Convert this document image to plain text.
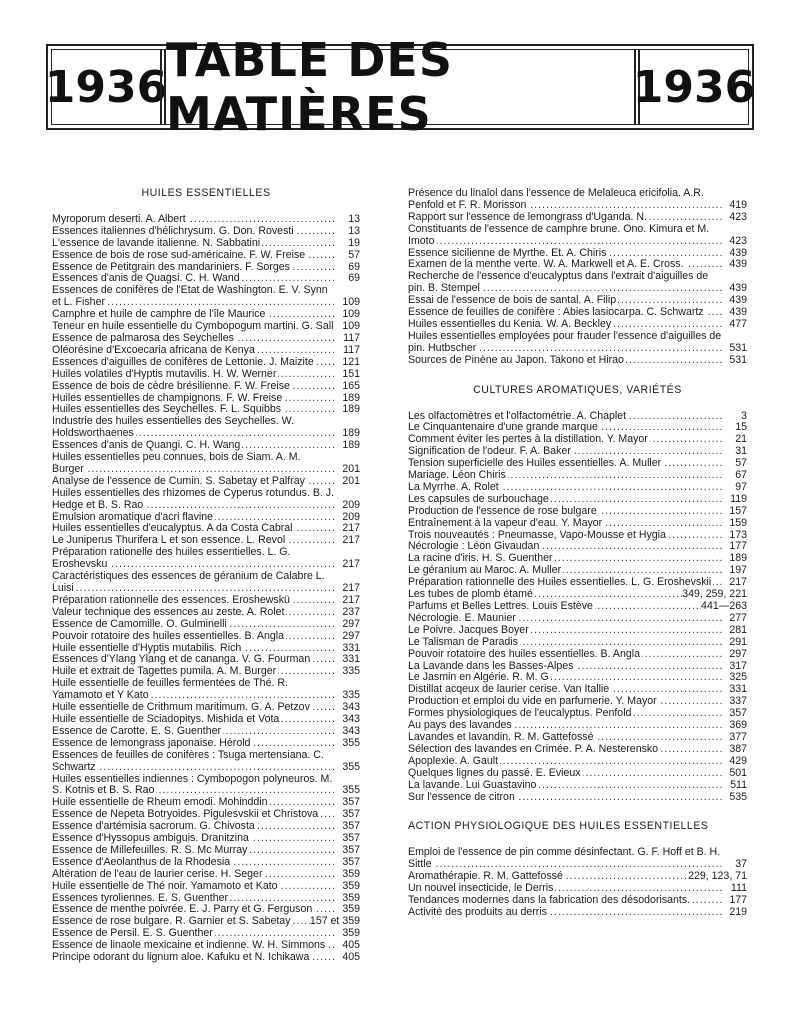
1936
TABLE DES MATIÈRES	1936
HUILES ESSENTIELLES
Myroporum deserti. A. Albert .....	13
Essences italiennes d'hélichrysum. G. Don. Rovesti .....	13
L'essence de lavande italienne. N. Sabbatini .....	19
Essence de bois de rose sud-américaine. F. W. Freise .....	57
Essence de Petitgrain des mandariniers. F. Sorges .....	69
Essences d'anis de Quagsi. C. H. Wand .....	69
Essences de conifères de l'Etat de Washington. E. V. Synn et L. Fisher .....	109
Camphre et huile de camphre de l'île Maurice .....	109
Teneur en huile essentielle du Cymbopogum martini. G. Sall ..... 109
Essence de palmarosa des Seychelles .....	117
Oléorésine d'Excoecaria africana de Kenya .....	117
Essences d'aiguilles de conifères de Lettonie. J. Maizite .....	121
Huiles volatiles d'Hyptis mutavilis. H. W. Werner .....	151
Essence de bois de cèdre brésilienne. F. W. Freise .....	165
Huiles essentielles de champignons. F. W. Freise .....	189
Huiles essentielles des Seychelles. F. L. Squibbs .....	189
Industrie des huiles essentielles des Seychelles. W. Holdsworthaenes .....	189
Essences d'anis de Quangi. C. H. Wang .....	189
Huiles essentielles peu connues, bois de Siam. A. M. Burger .....	201
Analyse de l'essence de Cumin. S. Sabetay et Palfray .....	201
Huiles essentielles des rhizomes de Cyperus rotundus. B. J. Hedge et B. S. Rao .....	209
Emulsion aromatique d'acri flavine .....	209
Huiles essentielles d'eucalyptus. A da Costa Cabral .....	217
Le Juniperus Thurifera L et son essence. L. Revol .....	217
Préparation rationelle des huiles essentielles. L. G. Eroshevsku .....	217
Caractéristiques des essences de géranium de Calabre L. Luisi .....	217
Préparation rationnelle des essences. Eroshewskü .....	217
Valeur technique des essences au zeste. A. Rolet .....	237
Essence de Camomille. O. Gulminelli .....	297
Pouvoir rotatoire des huiles essentielles. B. Angla .....	297
Huile essentielle d'Hyptis mutabilis. Rich .....	331
Essences d'Ylang Ylang et de cananga. V. G. Fourman .....	331
Huile et extrait de Tagettes pumila. A. M. Burger .....	335
Huile essentielle de feuilles fermentées de Thé. R. Yamamoto et Y Kato .....	335
Huile essentielle de Crithmum maritimum. G. A. Petzov .....	343
Huile essentielle de Sciadopitys. Mishida et Vota .....	343
Essence de Carotte. E. S. Guenther .....	343
Essence de lemongrass japonaise. Hérold .....	355
Essences de feuilles de conifères : Tsuga mertensiana. C. Schwartz .....	355
Huiles essentielles indiennes : Cymbopogon polyneuros. M. S. Kotnis et B. S. Rao .....	355
Huile essentielle de Rheum emodi. Mohinddin .....	357
Essence de Nepeta Botryoides. Pigulesvskii et Christova .....	357
Essence d'artémisia sacrorum. G. Chivosta .....	357
Essence d'Hyssopus ambiguis. Dranitzina .....	357
Essence de Millefeuilles. R. S. Mc Murray .....	357
Essence d'Aeolanthus de la Rhodesia .....	357
Altération de l'eau de laurier cerise. H. Seger .....	359
Huile essentielle de Thé noir. Yamamoto et Kato .....	359
Essences tyroliennes. E. S. Guenther .....	359
Essence de menthe poivrée. E. J. Parry et G. Ferguson .....	359
Essence de rose bulgare. R. Garnier et S. Sabetay .....	157 et 359
Essence de Persil. E. S. Guenther .....	359
Essence de linaole mexicaine et indienne. W. H. Simmons .....	405
Principe odorant du lignum aloe. Kafuku et N. Ichikawa .....	405
Présence du linalol dans l'essence de Melaleuca ericifolia. A.R. Penfold et F. R. Morisson .....	419
Rapport sur l'essence de lemongrass d'Uganda. N. .....	423
Constituants de l'essence de camphre brune. Ono. Kimura et M. Imoto .....	423
Essence sicilienne de Myrthe. Et. A. Chiris .....	439
Examen de la menthe verte. W. A. Markwell et A. E. Cross. .....	439
Recherche de l'essence d'eucalyptus dans l'extrait d'aiguilles de pin. B. Stempel .....	439
Essai de l'essence de bois de santal. A. Filip .....	439
Essence de feuilles de conifère : Abies lasiocarpa. C. Schwartz .....	439
Huiles essentielles du Kenia. W. A. Beckley .....	477
Huiles essentielles employées pour frauder l'essence d'aiguilles de pin. Hutbscher .....	531
Sources de Pinène au Japon. Takono et Hirao .....	531
CULTURES AROMATIQUES, VARIÉTÉS
Les olfactomètres et l'olfactométrie. A. Chaplet .....	3
Le Cinquantenaire d'une grande marque .....	15
Comment éviter les pertes à la distillation. Y. Mayor .....	21
Signification de l'odeur. F. A. Baker .....	31
Tension superficielle des Huiles essentielles. A. Muller .....	57
Mariage. Léon Chiris .....	67
La Myrrhe. A. Rolet .....	97
Les capsules de surbouchage .....	119
Production de l'essence de rose bulgare .....	157
Entraînement à la vapeur d'eau. Y. Mayor .....	159
Trois nouveautés : Pneumasse, Vapo-Mousse et Hygia .....	173
Nécrologie : Léon Givaudan .....	177
La racine d'iris. H. S. Guenther .....	189
Le géranium au Maroc. A. Muller .....	197
Préparation rationnelle des Huiles essentielles. L. G. Eroshevskii .....	217
Les tubes de plomb étamé .....	349, 259, 221
Parfums et Belles Lettres. Louis Estève .....	441—263
Nécrologie. E. Maunier .....	277
Le Poivre. Jacques Boyer .....	281
Le Talisman de Paradis .....	291
Pouvoir rotatoire des huiles essentielles. B. Angla .....	297
La Lavande dans les Basses-Alpes .....	317
Le Jasmin en Algérie. R. M. G .....	325
Distillat acqeux de laurier cerise. Van Itallie .....	331
Production et emploi du vide en parfumerie. Y. Mayor .....	337
Formes physiologiques de l'eucalyptus. Penfold .....	357
Au pays des lavandes .....	369
Lavandes et lavandin. R. M. Gattefossé .....	377
Sélection des lavandes en Crimée. P. A. Nesterensko .....	387
Apoplexie. A. Gault .....	429
Quelques lignes du passé. E. Evieux .....	501
La lavande. Lui Guastavino .....	511
Sur l'essence de citron .....	535
ACTION PHYSIOLOGIQUE DES HUILES ESSENTIELLES
Emploi de l'essence de pin comme désinfectant. G. F. Hoff et B. H. Sittle .....	37
Aromathérapie. R. M. Gattefossé .....	229, 123, 71
Un nouvel insecticide, le Derris .....	111
Tendances modernes dans la fabrication des désodorisants. .....	177
Activité des produits au derris .....	219
